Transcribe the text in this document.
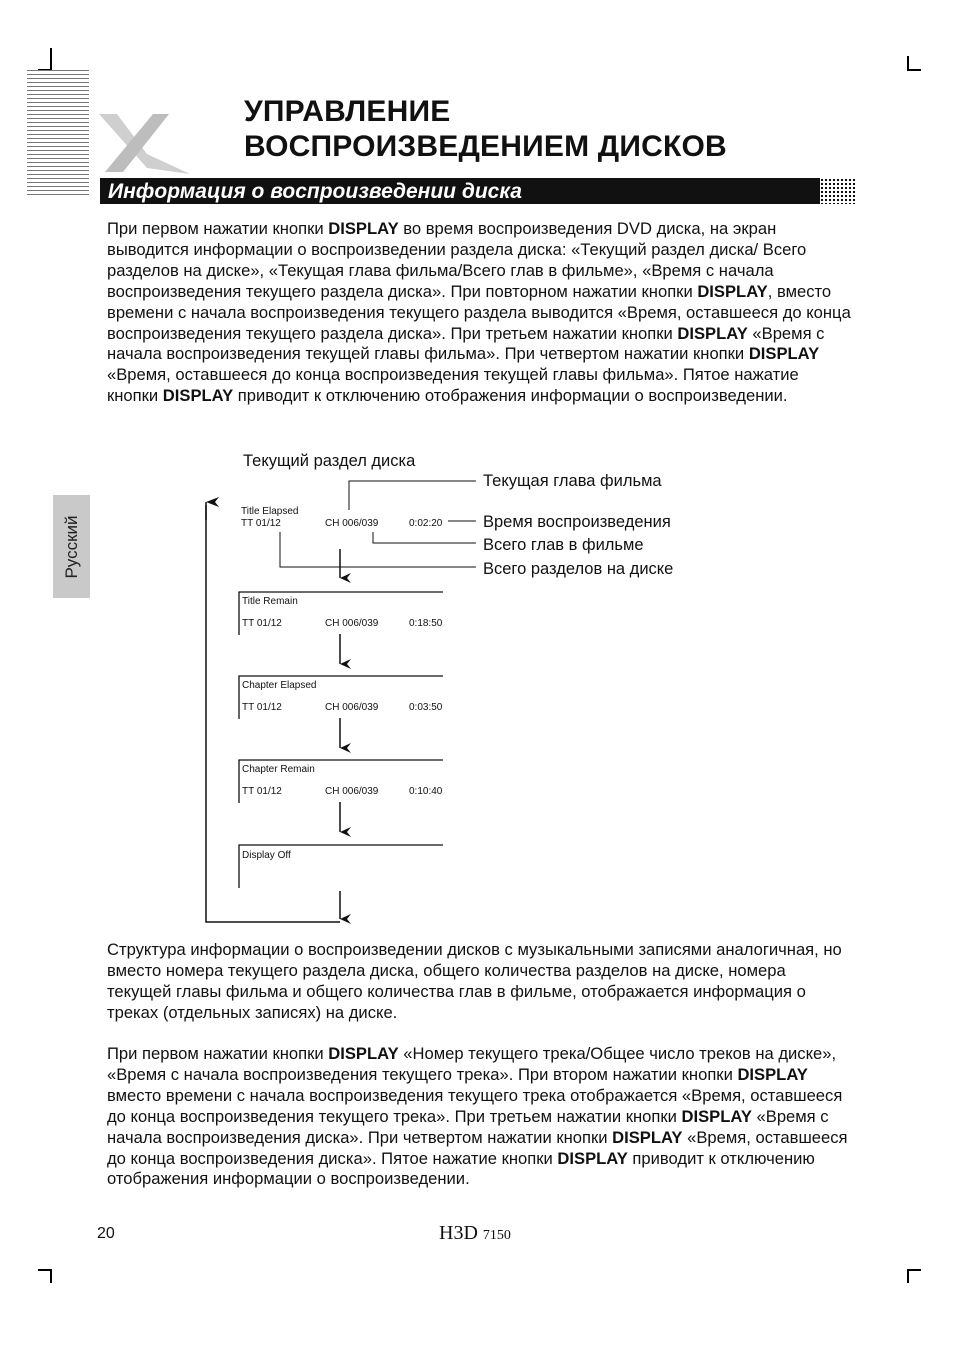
УПРАВЛЕНИЕ
ВОСПРОИЗВЕДЕНИЕМ ДИСКОВ
Информация о воспроизведении диска
При первом нажатии кнопки DISPLAY во время воспроизведения DVD диска, на экран выводится информации о воспроизведении раздела диска: «Текущий раздел диска/ Всего разделов на диске», «Текущая глава фильма/Всего глав в фильме», «Время с начала воспроизведения текущего раздела диска». При повторном нажатии кнопки DISPLAY, вместо времени с начала воспроизведения текущего раздела выводится «Время, оставшееся до конца воспроизведения текущего раздела диска». При третьем нажатии кнопки DISPLAY «Время с начала воспроизведения текущей главы фильма». При четвертом нажатии кнопки DISPLAY «Время, оставшееся до конца воспроизведения текущей главы фильма». Пятое нажатие кнопки DISPLAY приводит к отключению отображения информации о воспроизведении.
Русский
Текущий раздел диска
Текущая глава фильма
Время воспроизведения
Всего глав в фильме
Всего разделов на диске
Title Elapsed
TT 01/12	CH 006/039	0:02:20
Title Remain
TT 01/12	CH 006/039	0:18:50
Chapter Elapsed
TT 01/12	CH 006/039	0:03:50
Chapter Remain
TT 01/12	CH 006/039	0:10:40
Display Off
Структура информации о воспроизведении дисков с музыкальными записями аналогичная, но вместо номера текущего раздела диска, общего количества разделов на диске, номера текущей главы фильма и общего количества глав в фильме, отображается информация о треках (отдельных записях) на диске.
При первом нажатии кнопки DISPLAY «Номер текущего трека/Общее число треков на диске», «Время с начала воспроизведения текущего трека». При втором нажатии кнопки DISPLAY вместо времени с начала воспроизведения текущего трека отображается «Время, оставшееся до конца воспроизведения текущего трека». При третьем нажатии кнопки DISPLAY «Время с начала воспроизведения диска». При четвертом нажатии кнопки DISPLAY «Время, оставшееся до конца воспроизведения диска». Пятое нажатие кнопки DISPLAY приводит к отключению отображения информации о воспроизведении.
20	H3D 7150
